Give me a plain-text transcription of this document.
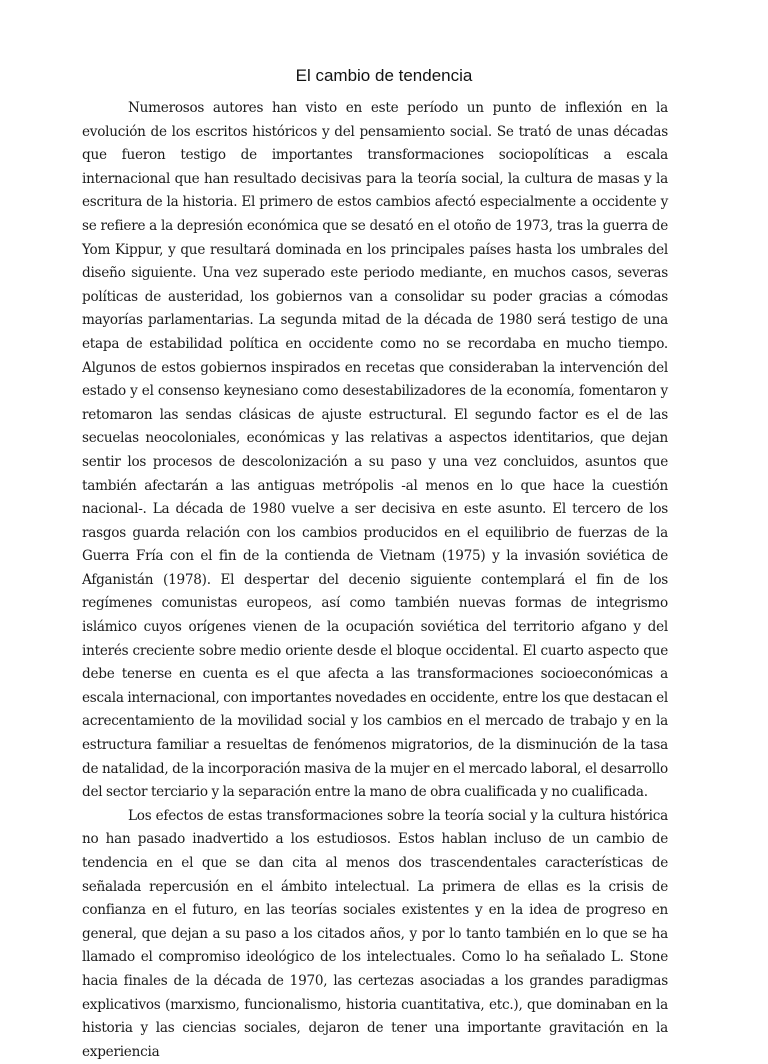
El cambio de tendencia

Numerosos autores han visto en este período un punto de inflexión en la evolución de los escritos históricos y del pensamiento social. Se trató de unas décadas que fueron testigo de importantes transformaciones sociopolíticas a escala internacional que han resultado decisivas para la teoría social, la cultura de masas y la escritura de la historia. El primero de estos cambios afectó especialmente a occidente y se refiere a la depresión económica que se desató en el otoño de 1973, tras la guerra de Yom Kippur, y que resultará dominada en los principales países hasta los umbrales del diseño siguiente. Una vez superado este periodo mediante, en muchos casos, severas políticas de austeridad, los gobiernos van a consolidar su poder gracias a cómodas mayorías parlamentarias. La segunda mitad de la década de 1980 será testigo de una etapa de estabilidad política en occidente como no se recordaba en mucho tiempo. Algunos de estos gobiernos inspirados en recetas que consideraban la intervención del estado y el consenso keynesiano como desestabilizadores de la economía, fomentaron y retomaron las sendas clásicas de ajuste estructural. El segundo factor es el de las secuelas neocoloniales, económicas y las relativas a aspectos identitarios, que dejan sentir los procesos de descolonización a su paso y una vez concluidos, asuntos que también afectarán a las antiguas metrópolis -al menos en lo que hace la cuestión nacional-. La década de 1980 vuelve a ser decisiva en este asunto. El tercero de los rasgos guarda relación con los cambios producidos en el equilibrio de fuerzas de la Guerra Fría con el fin de la contienda de Vietnam (1975) y la invasión soviética de Afganistán (1978). El despertar del decenio siguiente contemplará el fin de los regímenes comunistas europeos, así como también nuevas formas de integrismo islámico cuyos orígenes vienen de la ocupación soviética del territorio afgano y del interés creciente sobre medio oriente desde el bloque occidental. El cuarto aspecto que debe tenerse en cuenta es el que afecta a las transformaciones socioeconómicas a escala internacional, con importantes novedades en occidente, entre los que destacan el acrecentamiento de la movilidad social y los cambios en el mercado de trabajo y en la estructura familiar a resueltas de fenómenos migratorios, de la disminución de la tasa de natalidad, de la incorporación masiva de la mujer en el mercado laboral, el desarrollo del sector terciario y la separación entre la mano de obra cualificada y no cualificada.

Los efectos de estas transformaciones sobre la teoría social y la cultura histórica no han pasado inadvertido a los estudiosos. Estos hablan incluso de un cambio de tendencia en el que se dan cita al menos dos trascendentales características de señalada repercusión en el ámbito intelectual. La primera de ellas es la crisis de confianza en el futuro, en las teorías sociales existentes y en la idea de progreso en general, que dejan a su paso a los citados años, y por lo tanto también en lo que se ha llamado el compromiso ideológico de los intelectuales. Como lo ha señalado L. Stone hacia finales de la década de 1970, las certezas asociadas a los grandes paradigmas explicativos (marxismo, funcionalismo, historia cuantitativa, etc.), que dominaban en la historia y las ciencias sociales, dejaron de tener una importante gravitación en la experiencia
